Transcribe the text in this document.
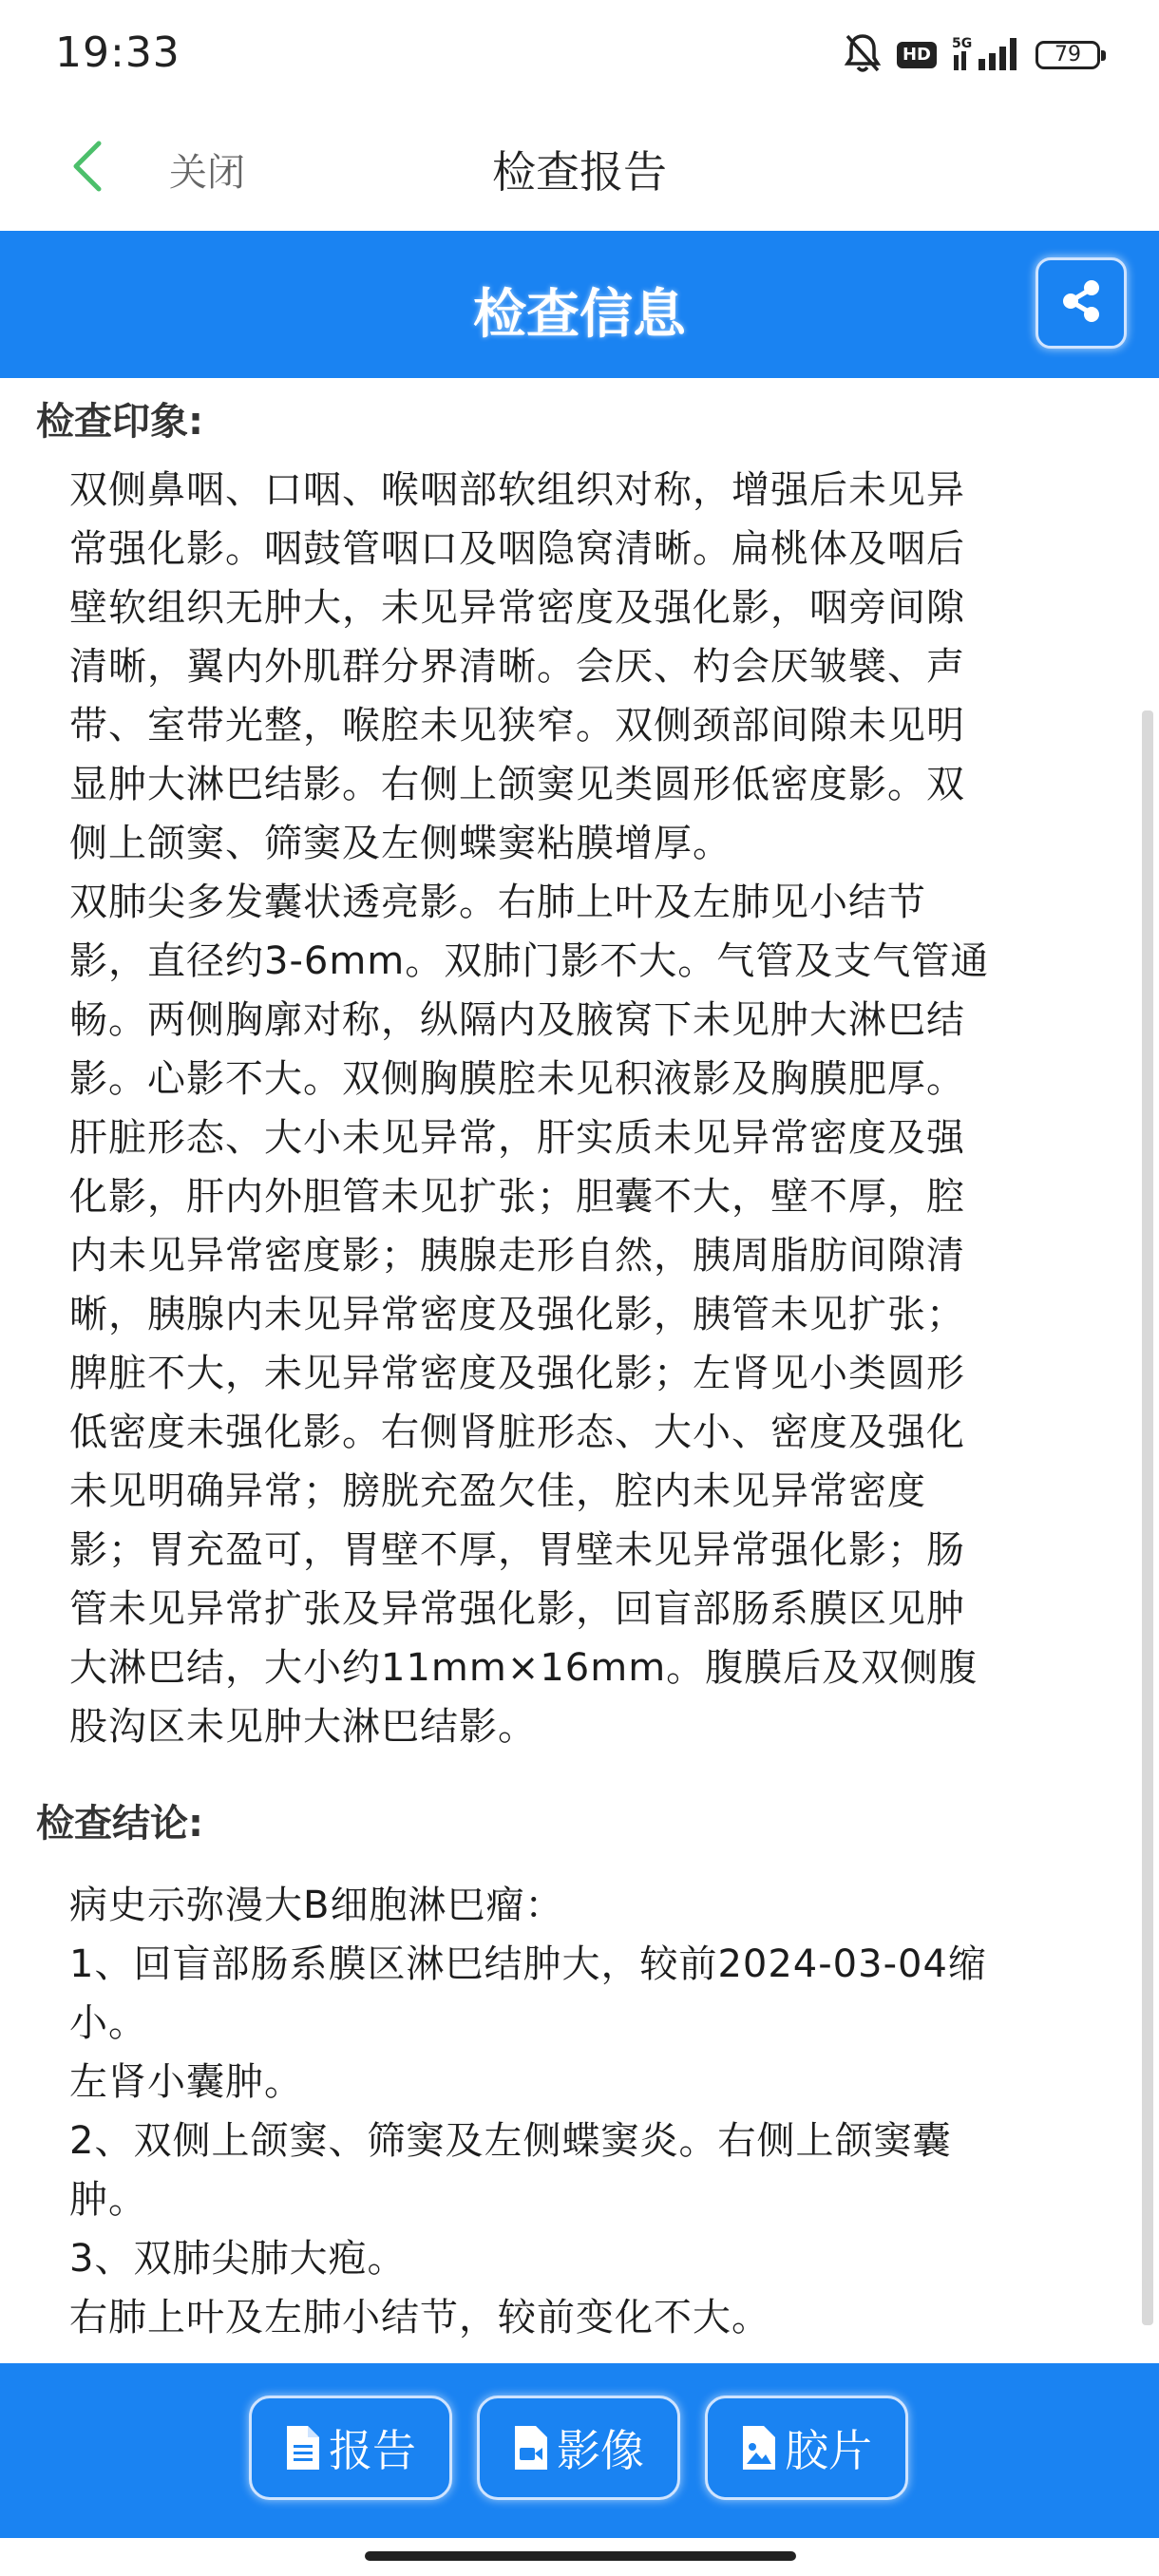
19:33	HD
5G	79
关闭	检查报告
检查信息
检查印象:
双侧鼻咽、口咽、喉咽部软组织对称，增强后未见异
常强化影。咽鼓管咽口及咽隐窝清晰。扁桃体及咽后
壁软组织无肿大，未见异常密度及强化影，咽旁间隙
清晰，翼内外肌群分界清晰。会厌、杓会厌皱襞、声
带、室带光整，喉腔未见狭窄。双侧颈部间隙未见明
显肿大淋巴结影。右侧上颌窦见类圆形低密度影。双
侧上颌窦、筛窦及左侧蝶窦粘膜增厚。
双肺尖多发囊状透亮影。右肺上叶及左肺见小结节
影，直径约3-6mm。双肺门影不大。气管及支气管通
畅。两侧胸廓对称，纵隔内及腋窝下未见肿大淋巴结
影。心影不大。双侧胸膜腔未见积液影及胸膜肥厚。
肝脏形态、大小未见异常，肝实质未见异常密度及强
化影，肝内外胆管未见扩张；胆囊不大，壁不厚，腔
内未见异常密度影；胰腺走形自然，胰周脂肪间隙清
晰，胰腺内未见异常密度及强化影，胰管未见扩张；
脾脏不大，未见异常密度及强化影；左肾见小类圆形
低密度未强化影。右侧肾脏形态、大小、密度及强化
未见明确异常；膀胱充盈欠佳，腔内未见异常密度
影；胃充盈可，胃壁不厚，胃壁未见异常强化影；肠
管未见异常扩张及异常强化影，回盲部肠系膜区见肿
大淋巴结，大小约11mm×16mm。腹膜后及双侧腹
股沟区未见肿大淋巴结影。
检查结论:
病史示弥漫大B细胞淋巴瘤：
1、回盲部肠系膜区淋巴结肿大，较前2024-03-04缩
小。
左肾小囊肿。
2、双侧上颌窦、筛窦及左侧蝶窦炎。右侧上颌窦囊
肿。
3、双肺尖肺大疱。
右肺上叶及左肺小结节，较前变化不大。
报告	影像	胶片
